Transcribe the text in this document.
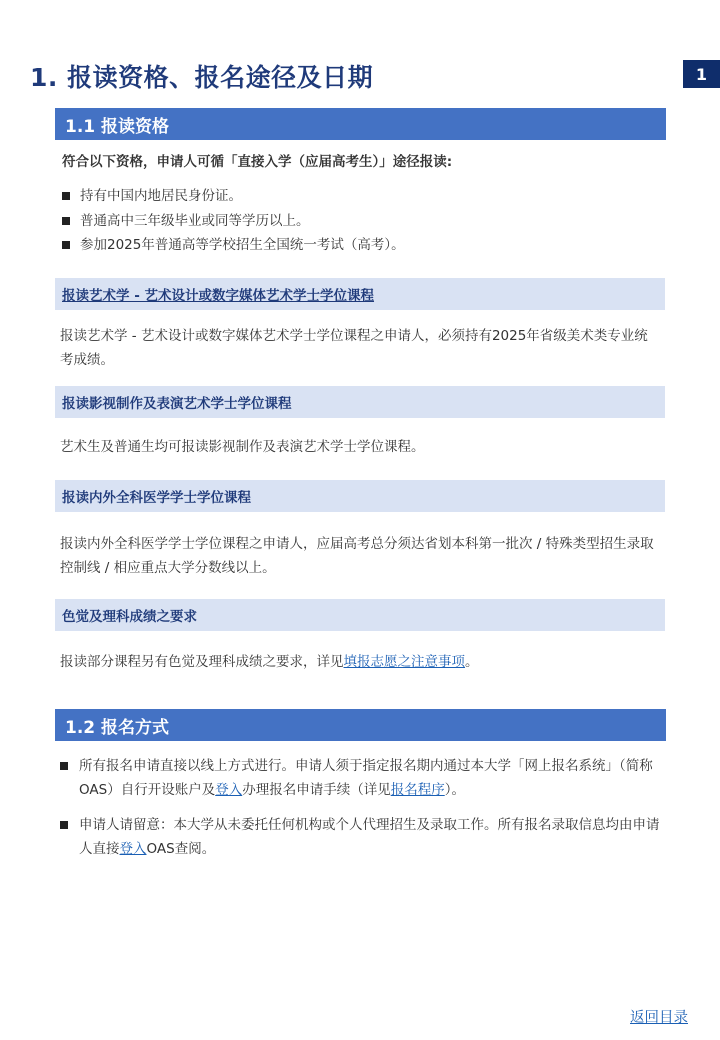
1. 报读资格、报名途径及日期	1
1.1 报读资格
符合以下资格，申请人可循「直接入学（应届高考生）」途径报读:
持有中国内地居民身份证。
普通高中三年级毕业或同等学历以上。
参加2025年普通高等学校招生全国统一考试（高考）。
报读艺术学 - 艺术设计或数字媒体艺术学士学位课程

报读艺术学 - 艺术设计或数字媒体艺术学士学位课程之申请人，必须持有2025年省级美术类专业统考成绩。

报读 影视制作及表演艺术学士学位课程

艺术生及普通生均可报读影视制作及表演艺术学士学位课程。

报读 内外全科医学学士学位课程

报读内外全科医学学士学位课程之申请人，应届高考总分须达省划本科第一批次 / 特殊类型招生录取控制线 / 相应重点大学分数线以上。

色觉及理科成绩之要求

报读部分课程另有色觉及理科成绩之要求，详见填报志愿之注意事项。

1.2 报名方式
所有报名申请直接以线上方式进行。申请人须于指定报名期内通过本大学「网上报名系统」（简称OAS）自行开设账户及登入办理报名申请手续（详见报名程序）。
申请人请留意：本大学从未委托任何机构或个人代理招生及录取工作。所有报名录取信息均由申请人直接登入OAS查阅。
返回目录
